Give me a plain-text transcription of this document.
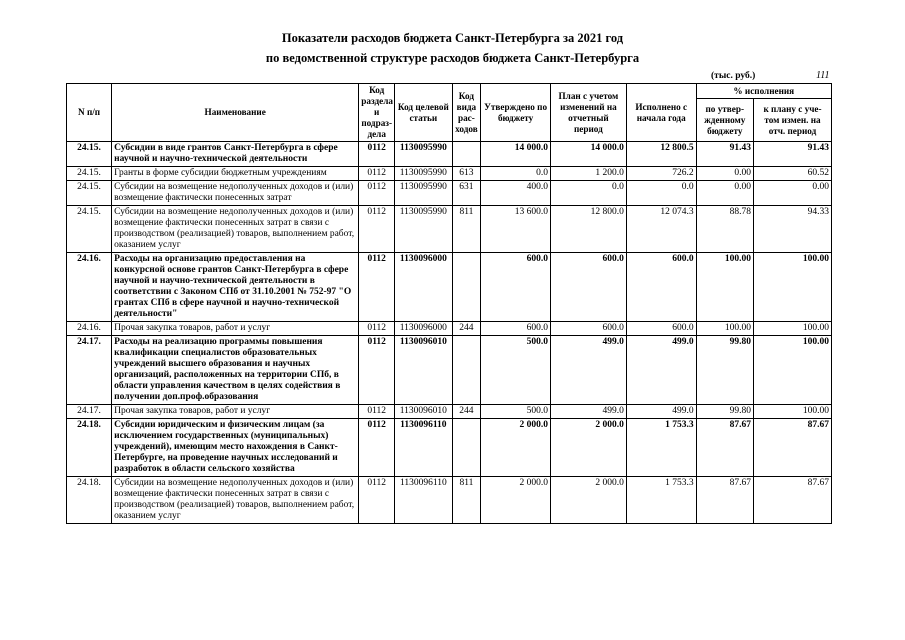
Показатели расходов бюджета Санкт-Петербурга за 2021 год
по ведомственной структуре расходов бюджета Санкт-Петербурга
(тыс. руб.)	111
N п/п	Наименование	Код раздела и подраз-дела	Код целевой статьи	Код вида рас-ходов	Утверждено по бюджету	План с учетом изменений на отчетный период	Исполнено с начала года	% исполнения	
								по утвер-жденному бюджету	к плану с уче-том измен. на отч. период
24.15.	Субсидии в виде грантов Санкт-Петербурга в сфере научной и научно-технической деятельности	0112	1130095990		14 000.0	14 000.0	12 800.5	91.43	91.43
24.15.	Гранты в форме субсидии бюджетным учреждениям	0112	1130095990	613	0.0	1 200.0	726.2	0.00	60.52
24.15.	Субсидии на возмещение недополученных доходов и (или) возмещение фактически понесенных затрат	0112	1130095990	631	400.0	0.0	0.0	0.00	0.00
24.15.	Субсидии на возмещение недополученных доходов и (или) возмещение фактически понесенных затрат в связи с производством (реализацией) товаров, выполнением работ, оказанием услуг	0112	1130095990	811	13 600.0	12 800.0	12 074.3	88.78	94.33
24.16.	Расходы на организацию предоставления на конкурсной основе грантов Санкт-Петербурга в сфере научной и научно-технической деятельности в соответствии с Законом СПб от 31.10.2001 № 752-97 "О грантах СПб в сфере научной и научно-технической деятельности"	0112	1130096000		600.0	600.0	600.0	100.00	100.00
24.16.	Прочая закупка товаров, работ и услуг	0112	1130096000	244	600.0	600.0	600.0	100.00	100.00
24.17.	Расходы на реализацию программы повышения квалификации специалистов образовательных учреждений высшего образования и научных организаций, расположенных на территории СПб, в области управления качеством в целях содействия в получении доп.проф.образования	0112	1130096010		500.0	499.0	499.0	99.80	100.00
24.17.	Прочая закупка товаров, работ и услуг	0112	1130096010	244	500.0	499.0	499.0	99.80	100.00
24.18.	Субсидии юридическим и физическим лицам (за исключением государственных (муниципальных) учреждений), имеющим место нахождения в Санкт-Петербурге, на проведение научных исследований и разработок в области сельского хозяйства	0112	1130096110		2 000.0	2 000.0	1 753.3	87.67	87.67
24.18.	Субсидии на возмещение недополученных доходов и (или) возмещение фактически понесенных затрат в связи с производством (реализацией) товаров, выполнением работ, оказанием услуг	0112	1130096110	811	2 000.0	2 000.0	1 753.3	87.67	87.67
